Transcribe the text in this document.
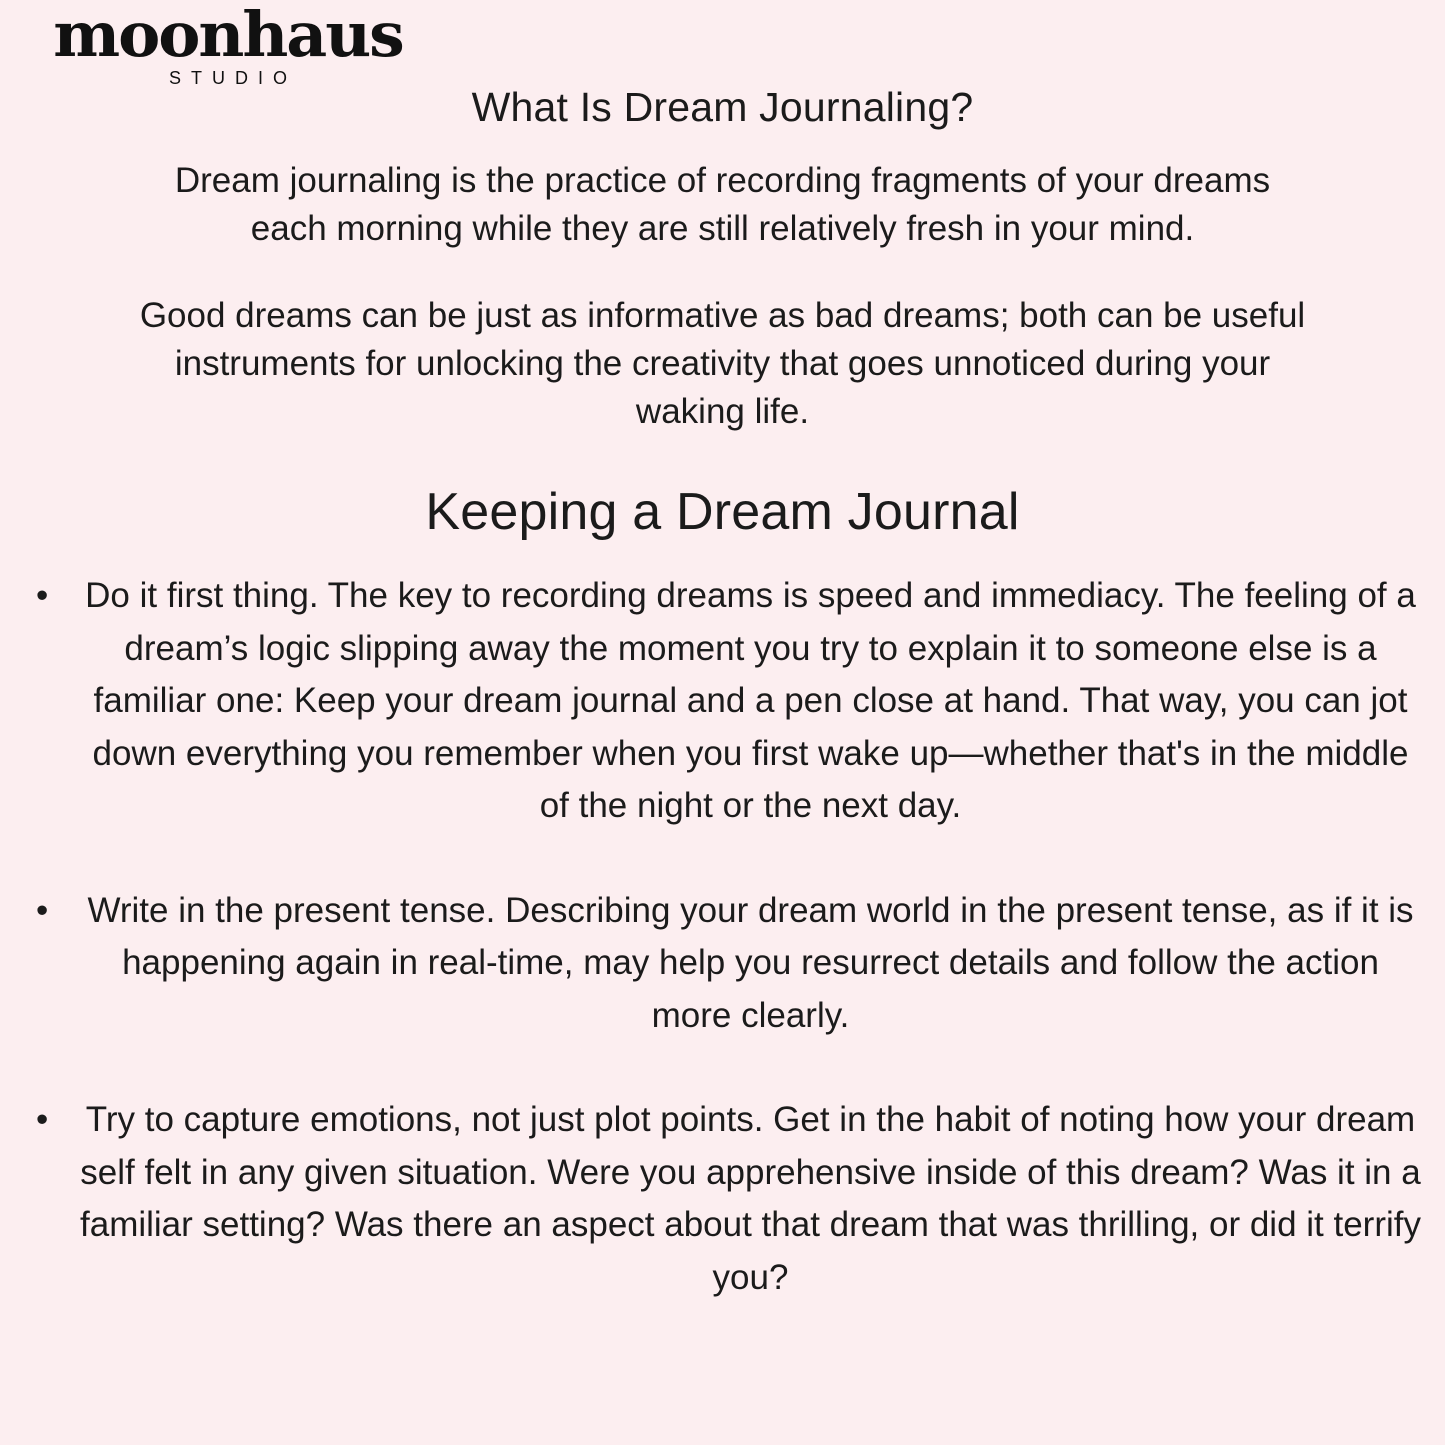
moonhaus
STUDIO
What Is Dream Journaling?

Dream journaling is the practice of recording fragments of your dreams each morning while they are still relatively fresh in your mind.

Good dreams can be just as informative as bad dreams; both can be useful instruments for unlocking the creativity that goes unnoticed during your waking life.

Keeping a Dream Journal
• Do it first thing. The key to recording dreams is speed and immediacy. The feeling of a dream’s logic slipping away the moment you try to explain it to someone else is a familiar one: Keep your dream journal and a pen close at hand. That way, you can jot down everything you remember when you first wake up—whether that's in the middle of the night or the next day.
• Write in the present tense. Describing your dream world in the present tense, as if it is happening again in real-time, may help you resurrect details and follow the action more clearly.
• Try to capture emotions, not just plot points. Get in the habit of noting how your dream self felt in any given situation. Were you apprehensive inside of this dream? Was it in a familiar setting? Was there an aspect about that dream that was thrilling, or did it terrify you?
